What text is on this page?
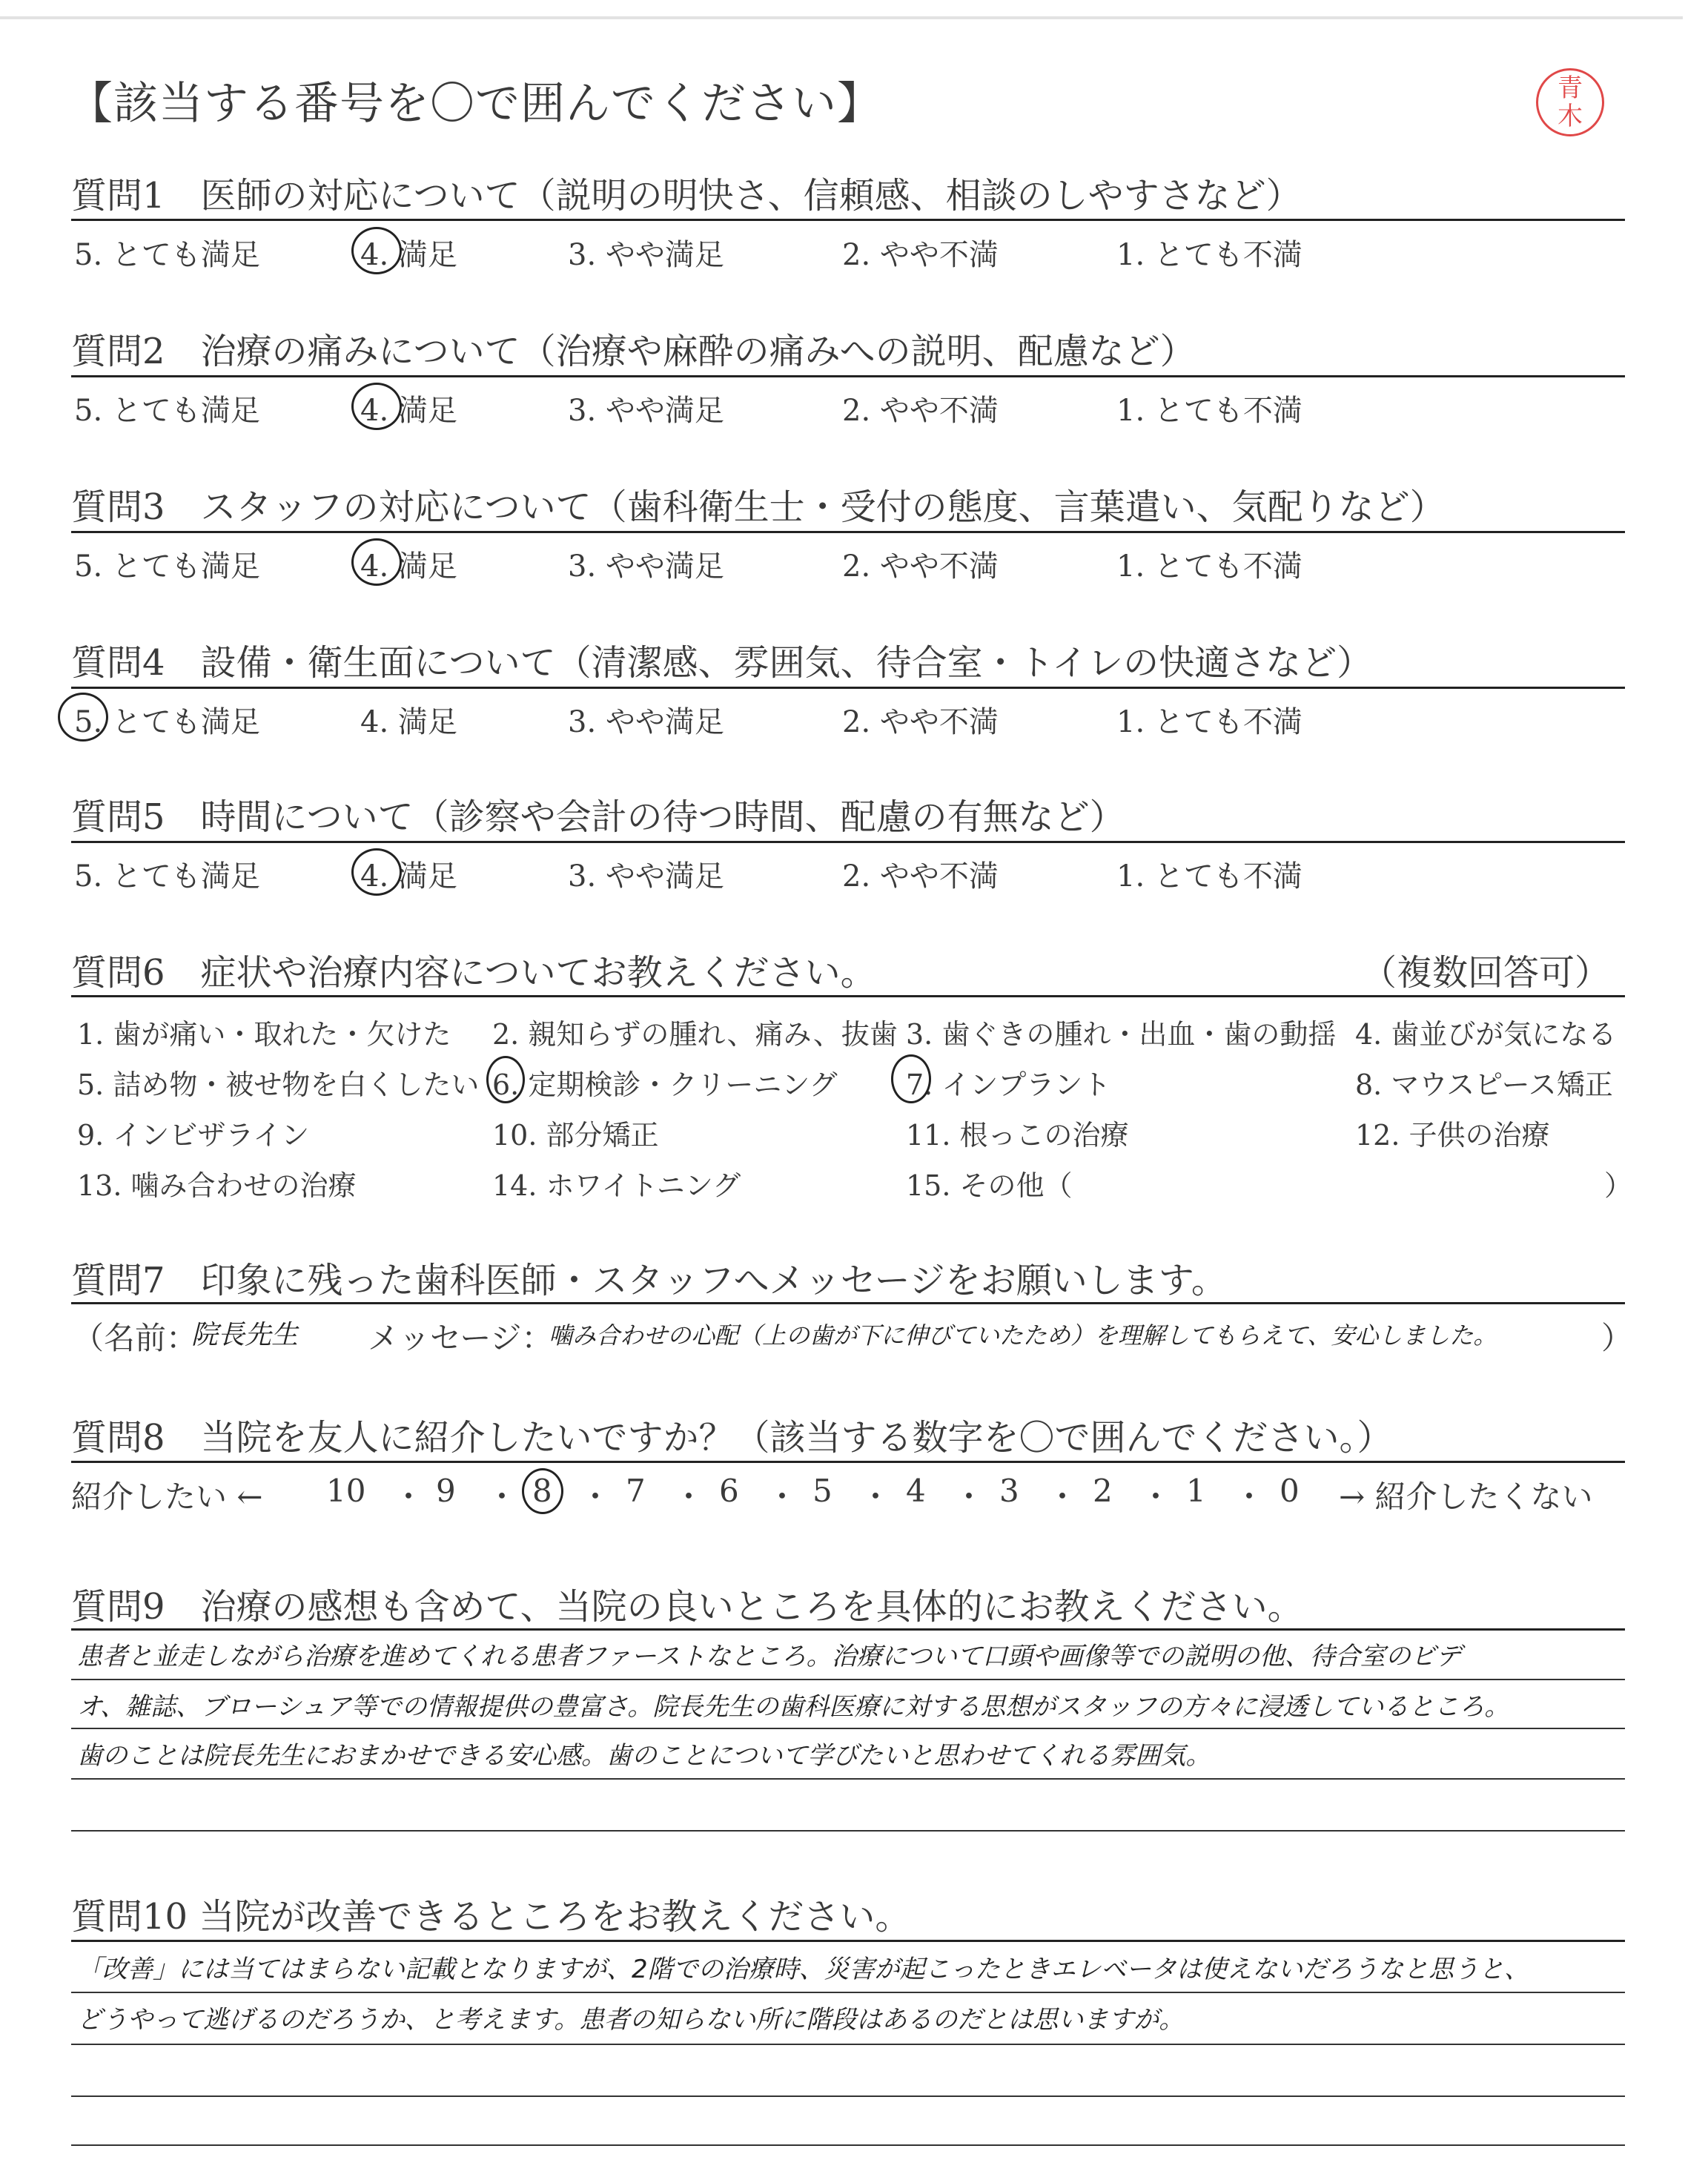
【該当する番号を〇で囲んでください】	青
木
質問1　医師の対応について（説明の明快さ、信頼感、相談のしやすさなど）
5. とても満足	4. 満足	3. やや満足	2. やや不満	1. とても不満
質問2　治療の痛みについて（治療や麻酔の痛みへの説明、配慮など）
5. とても満足	4. 満足	3. やや満足	2. やや不満	1. とても不満
質問3　スタッフの対応について（歯科衛生士・受付の態度、言葉遣い、気配りなど）
5. とても満足	4. 満足	3. やや満足	2. やや不満	1. とても不満
質問4　設備・衛生面について（清潔感、雰囲気、待合室・トイレの快適さなど）
5. とても満足	4. 満足	3. やや満足	2. やや不満	1. とても不満
質問5　時間について（診察や会計の待つ時間、配慮の有無など）
5. とても満足	4. 満足	3. やや満足	2. やや不満	1. とても不満
質問6　症状や治療内容についてお教えください。	（複数回答可）
1. 歯が痛い・取れた・欠けた 2. 親知らずの腫れ、痛み、抜歯 3. 歯ぐきの腫れ・出血・歯の動揺 4. 歯並びが気になる
5. 詰め物・被せ物を白くしたい 6. 定期検診・クリーニング 7. インプラント	8. マウスピース矯正
9. インビザライン	10. 部分矯正	11. 根っこの治療	12. 子供の治療
13. 噛み合わせの治療	14. ホワイトニング	15. その他（	）
質問7　印象に残った歯科医師・スタッフへメッセージをお願いします。
（名前：
院長先生 メッセージ：
噛み合わせの心配（上の歯が下に伸びていたため）を理解してもらえて、安心しました。	）
質問8　当院を友人に紹介したいですか？（該当する数字を〇で囲んでください。）
紹介したい ← 10 ・ 9 ・ 8 ・ 7 ・ 6 ・ 5 ・ 4 ・ 3 ・ 2 ・ 1 ・ 0 → 紹介したくない
質問9　治療の感想も含めて、当院の良いところを具体的にお教えください。
患者と並走しながら治療を進めてくれる患者ファーストなところ。治療について口頭や画像等での説明の他、待合室のビデ
オ、雑誌、ブローシュア等での情報提供の豊富さ。院長先生の歯科医療に対する思想がスタッフの方々に浸透しているところ。
歯のことは院長先生におまかせできる安心感。歯のことについて学びたいと思わせてくれる雰囲気。
質問10 当院が改善できるところをお教えください。
「改善」には当てはまらない記載となりますが、2階での治療時、災害が起こったときエレベータは使えないだろうなと思うと、
どうやって逃げるのだろうか、と考えます。患者の知らない所に階段はあるのだとは思いますが。
